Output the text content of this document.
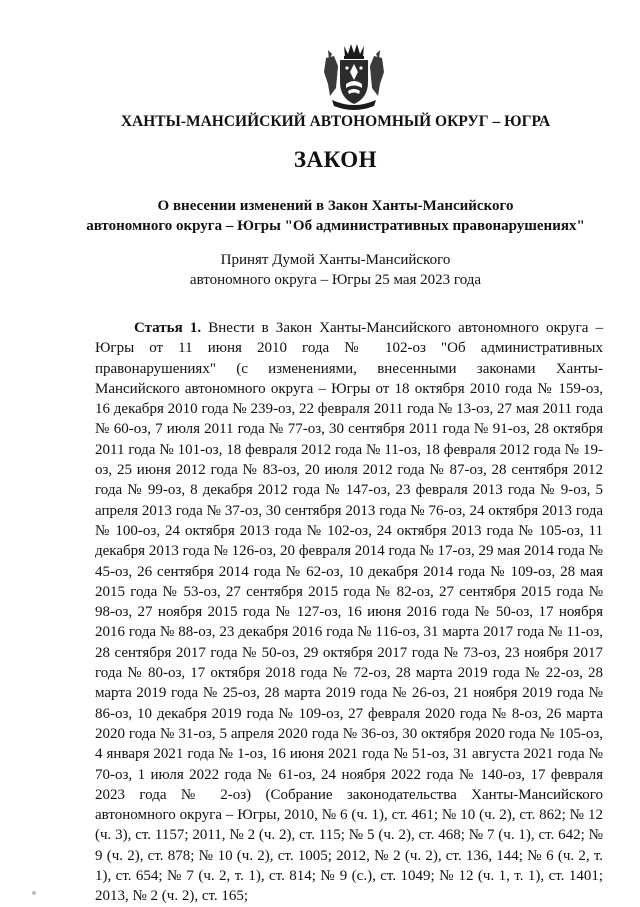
ХАНТЫ-МАНСИЙСКИЙ АВТОНОМНЫЙ ОКРУГ – ЮГРА
ЗАКОН
О внесении изменений в Закон Ханты-Мансийского
автономного округа – Югры "Об административных правонарушениях"
Принят Думой Ханты-Мансийского
автономного округа – Югры 25 мая 2023 года

Статья 1. Внести в Закон Ханты-Мансийского автономного округа – Югры от 11 июня 2010 года № 102-оз "Об административных правонарушениях" (с изменениями, внесенными законами Ханты-Мансийского автономного округа – Югры от 18 октября 2010 года № 159-оз, 16 декабря 2010 года № 239-оз, 22 февраля 2011 года № 13-оз, 27 мая 2011 года № 60-оз, 7 июля 2011 года № 77-оз, 30 сентября 2011 года № 91-оз, 28 октября 2011 года № 101-оз, 18 февраля 2012 года № 11-оз, 18 февраля 2012 года № 19-оз, 25 июня 2012 года № 83-оз, 20 июля 2012 года № 87-оз, 28 сентября 2012 года № 99-оз, 8 декабря 2012 года № 147-оз, 23 февраля 2013 года № 9-оз, 5 апреля 2013 года № 37-оз, 30 сентября 2013 года № 76-оз, 24 октября 2013 года № 100-оз, 24 октября 2013 года № 102-оз, 24 октября 2013 года № 105-оз, 11 декабря 2013 года № 126-оз, 20 февраля 2014 года № 17-оз, 29 мая 2014 года № 45-оз, 26 сентября 2014 года № 62-оз, 10 декабря 2014 года № 109-оз, 28 мая 2015 года № 53-оз, 27 сентября 2015 года № 82-оз, 27 сентября 2015 года № 98-оз, 27 ноября 2015 года № 127-оз, 16 июня 2016 года № 50-оз, 17 ноября 2016 года № 88-оз, 23 декабря 2016 года № 116-оз, 31 марта 2017 года № 11-оз, 28 сентября 2017 года № 50-оз, 29 октября 2017 года № 73-оз, 23 ноября 2017 года № 80-оз, 17 октября 2018 года № 72-оз, 28 марта 2019 года № 22-оз, 28 марта 2019 года № 25-оз, 28 марта 2019 года № 26-оз, 21 ноября 2019 года № 86-оз, 10 декабря 2019 года № 109-оз, 27 февраля 2020 года № 8-оз, 26 марта 2020 года № 31-оз, 5 апреля 2020 года № 36-оз, 30 октября 2020 года № 105-оз, 4 января 2021 года № 1-оз, 16 июня 2021 года № 51-оз, 31 августа 2021 года № 70-оз, 1 июля 2022 года № 61-оз, 24 ноября 2022 года № 140-оз, 17 февраля 2023 года № 2-оз) (Собрание законодательства Ханты-Мансийского автономного округа – Югры, 2010, № 6 (ч. 1), ст. 461; № 10 (ч. 2), ст. 862; № 12 (ч. 3), ст. 1157; 2011, № 2 (ч. 2), ст. 115; № 5 (ч. 2), ст. 468; № 7 (ч. 1), ст. 642; № 9 (ч. 2), ст. 878; № 10 (ч. 2), ст. 1005; 2012, № 2 (ч. 2), ст. 136, 144; № 6 (ч. 2, т. 1), ст. 654; № 7 (ч. 2, т. 1), ст. 814; № 9 (с.), ст. 1049; № 12 (ч. 1, т. 1), ст. 1401; 2013, № 2 (ч. 2), ст. 165;
